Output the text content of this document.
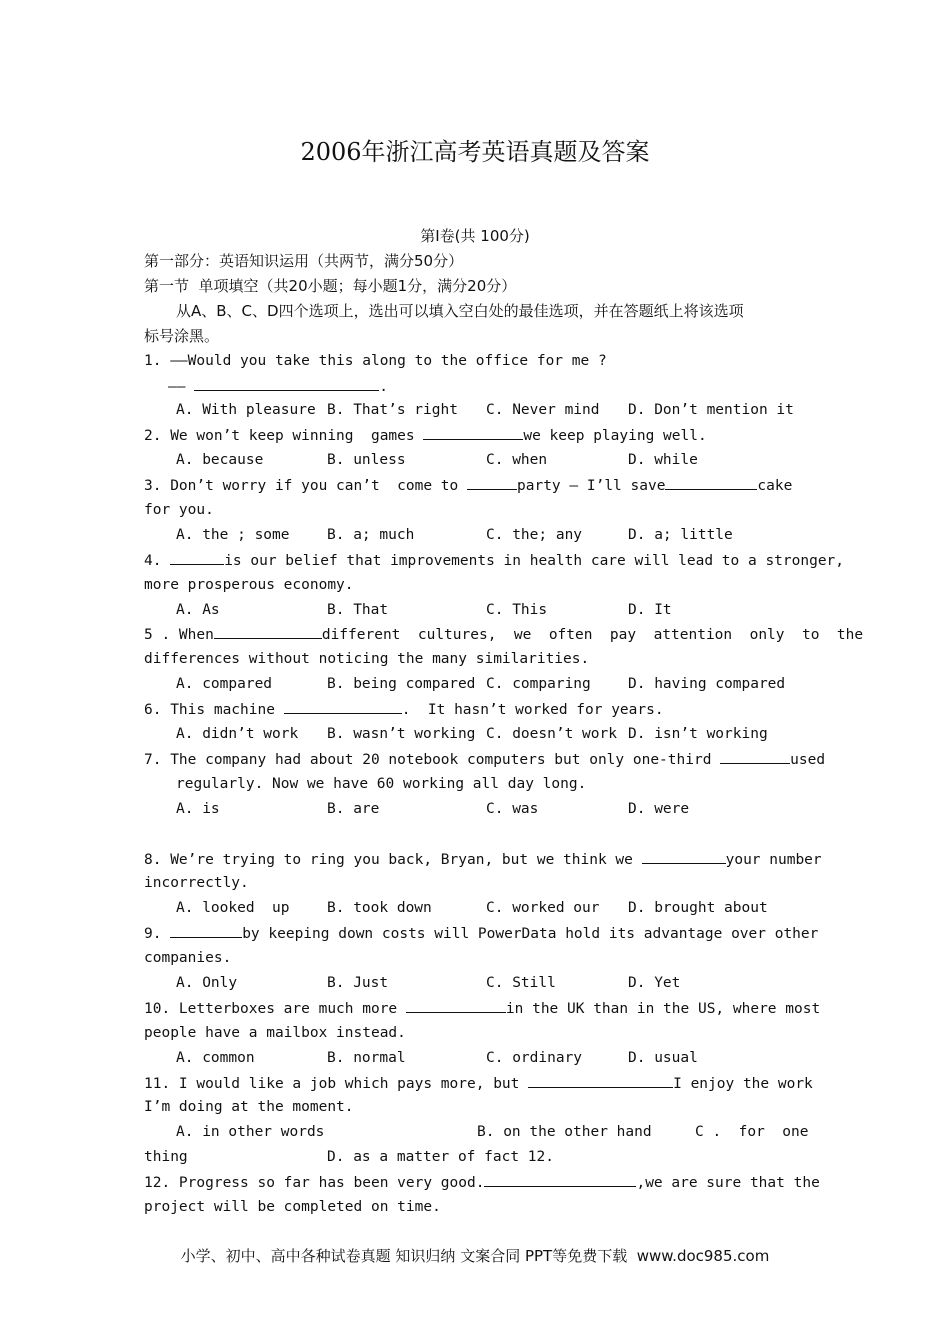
2006年浙江高考英语真题及答案
第Ⅰ卷(共 100分)
第一部分：英语知识运用（共两节，满分50分）
第一节  单项填空（共20小题；每小题1分，满分20分）
从A、B、C、D四个选项上，选出可以填入空白处的最佳选项，并在答题纸上将该选项
标号涂黑。
1. ——Would you take this along to the office for me ?
——	.
A. With pleasure B. That’s right C. Never mind D. Don’t mention it
2. We won’t keep winning  games	we keep playing well.
A. because	B. unless	C. when	D. while
3. Don’t worry if you can’t  come to	party — I’ll save	cake
for you.
A. the ; some	B. a; much	C. the; any	D. a; little
4.	is our belief that improvements in health care will lead to a stronger,
more prosperous economy.
A. As	B. That	C. This	D. It
5 . When	different  cultures,  we  often  pay  attention  only  to  the
differences without noticing the many similarities.
A. compared	B. being compared C. comparing	D. having compared
6. This machine	.  It hasn’t worked for years.
A. didn’t work B. wasn’t working C. doesn’t work D. isn’t working
7. The company had about 20 notebook computers but only one-third	used
regularly. Now we have 60 working all day long.
A. is	B. are	C. was	D. were
8. We’re trying to ring you back, Bryan, but we think we	your number
incorrectly.
A. looked  up	B. took down	C. worked our D. brought about
9.	by keeping down costs will PowerData hold its advantage over other
companies.
A. Only	B. Just	C. Still	D. Yet
10. Letterboxes are much more	in the UK than in the US, where most
people have a mailbox instead.
A. common	B. normal	C. ordinary	D. usual
11. I would like a job which pays more, but	I enjoy the work
I’m doing at the moment.
A. in other words	B. on the other hand	C .  for  one
thing	D. as a matter of fact 12.
12. Progress so far has been very good.	,we are sure that the
project will be completed on time.
小学、初中、高中各种试卷真题 知识归纳 文案合同 PPT等免费下载  www.doc985.com
